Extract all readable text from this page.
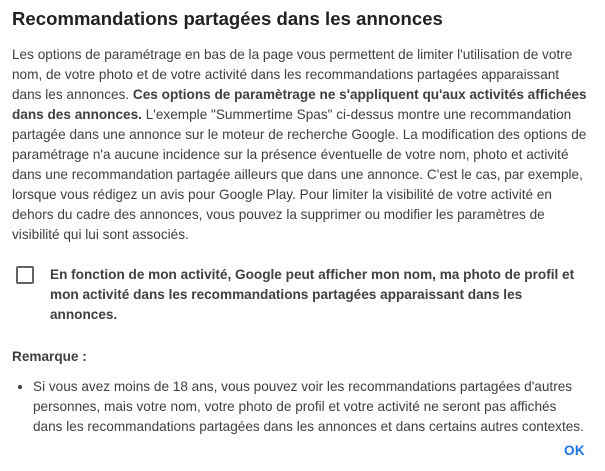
Recommandations partagées dans les annonces
Les options de paramétrage en bas de la page vous permettent de limiter l'utilisation de votre nom, de votre photo et de votre activité dans les recommandations partagées apparaissant dans les annonces. Ces options de paramètrage ne s'appliquent qu'aux activités affichées dans des annonces. L'exemple "Summertime Spas" ci-dessus montre une recommandation partagée dans une annonce sur le moteur de recherche Google. La modification des options de paramétrage n'a aucune incidence sur la présence éventuelle de votre nom, photo et activité dans une recommandation partagée ailleurs que dans une annonce. C'est le cas, par exemple, lorsque vous rédigez un avis pour Google Play. Pour limiter la visibilité de votre activité en dehors du cadre des annonces, vous pouvez la supprimer ou modifier les paramètres de visibilité qui lui sont associés.
En fonction de mon activité, Google peut afficher mon nom, ma photo de profil et mon activité dans les recommandations partagées apparaissant dans les annonces.
Remarque :
• Si vous avez moins de 18 ans, vous pouvez voir les recommandations partagées d'autres personnes, mais votre nom, votre photo de profil et votre activité ne seront pas affichés dans les recommandations partagées dans les annonces et dans certains autres contextes.
OK
